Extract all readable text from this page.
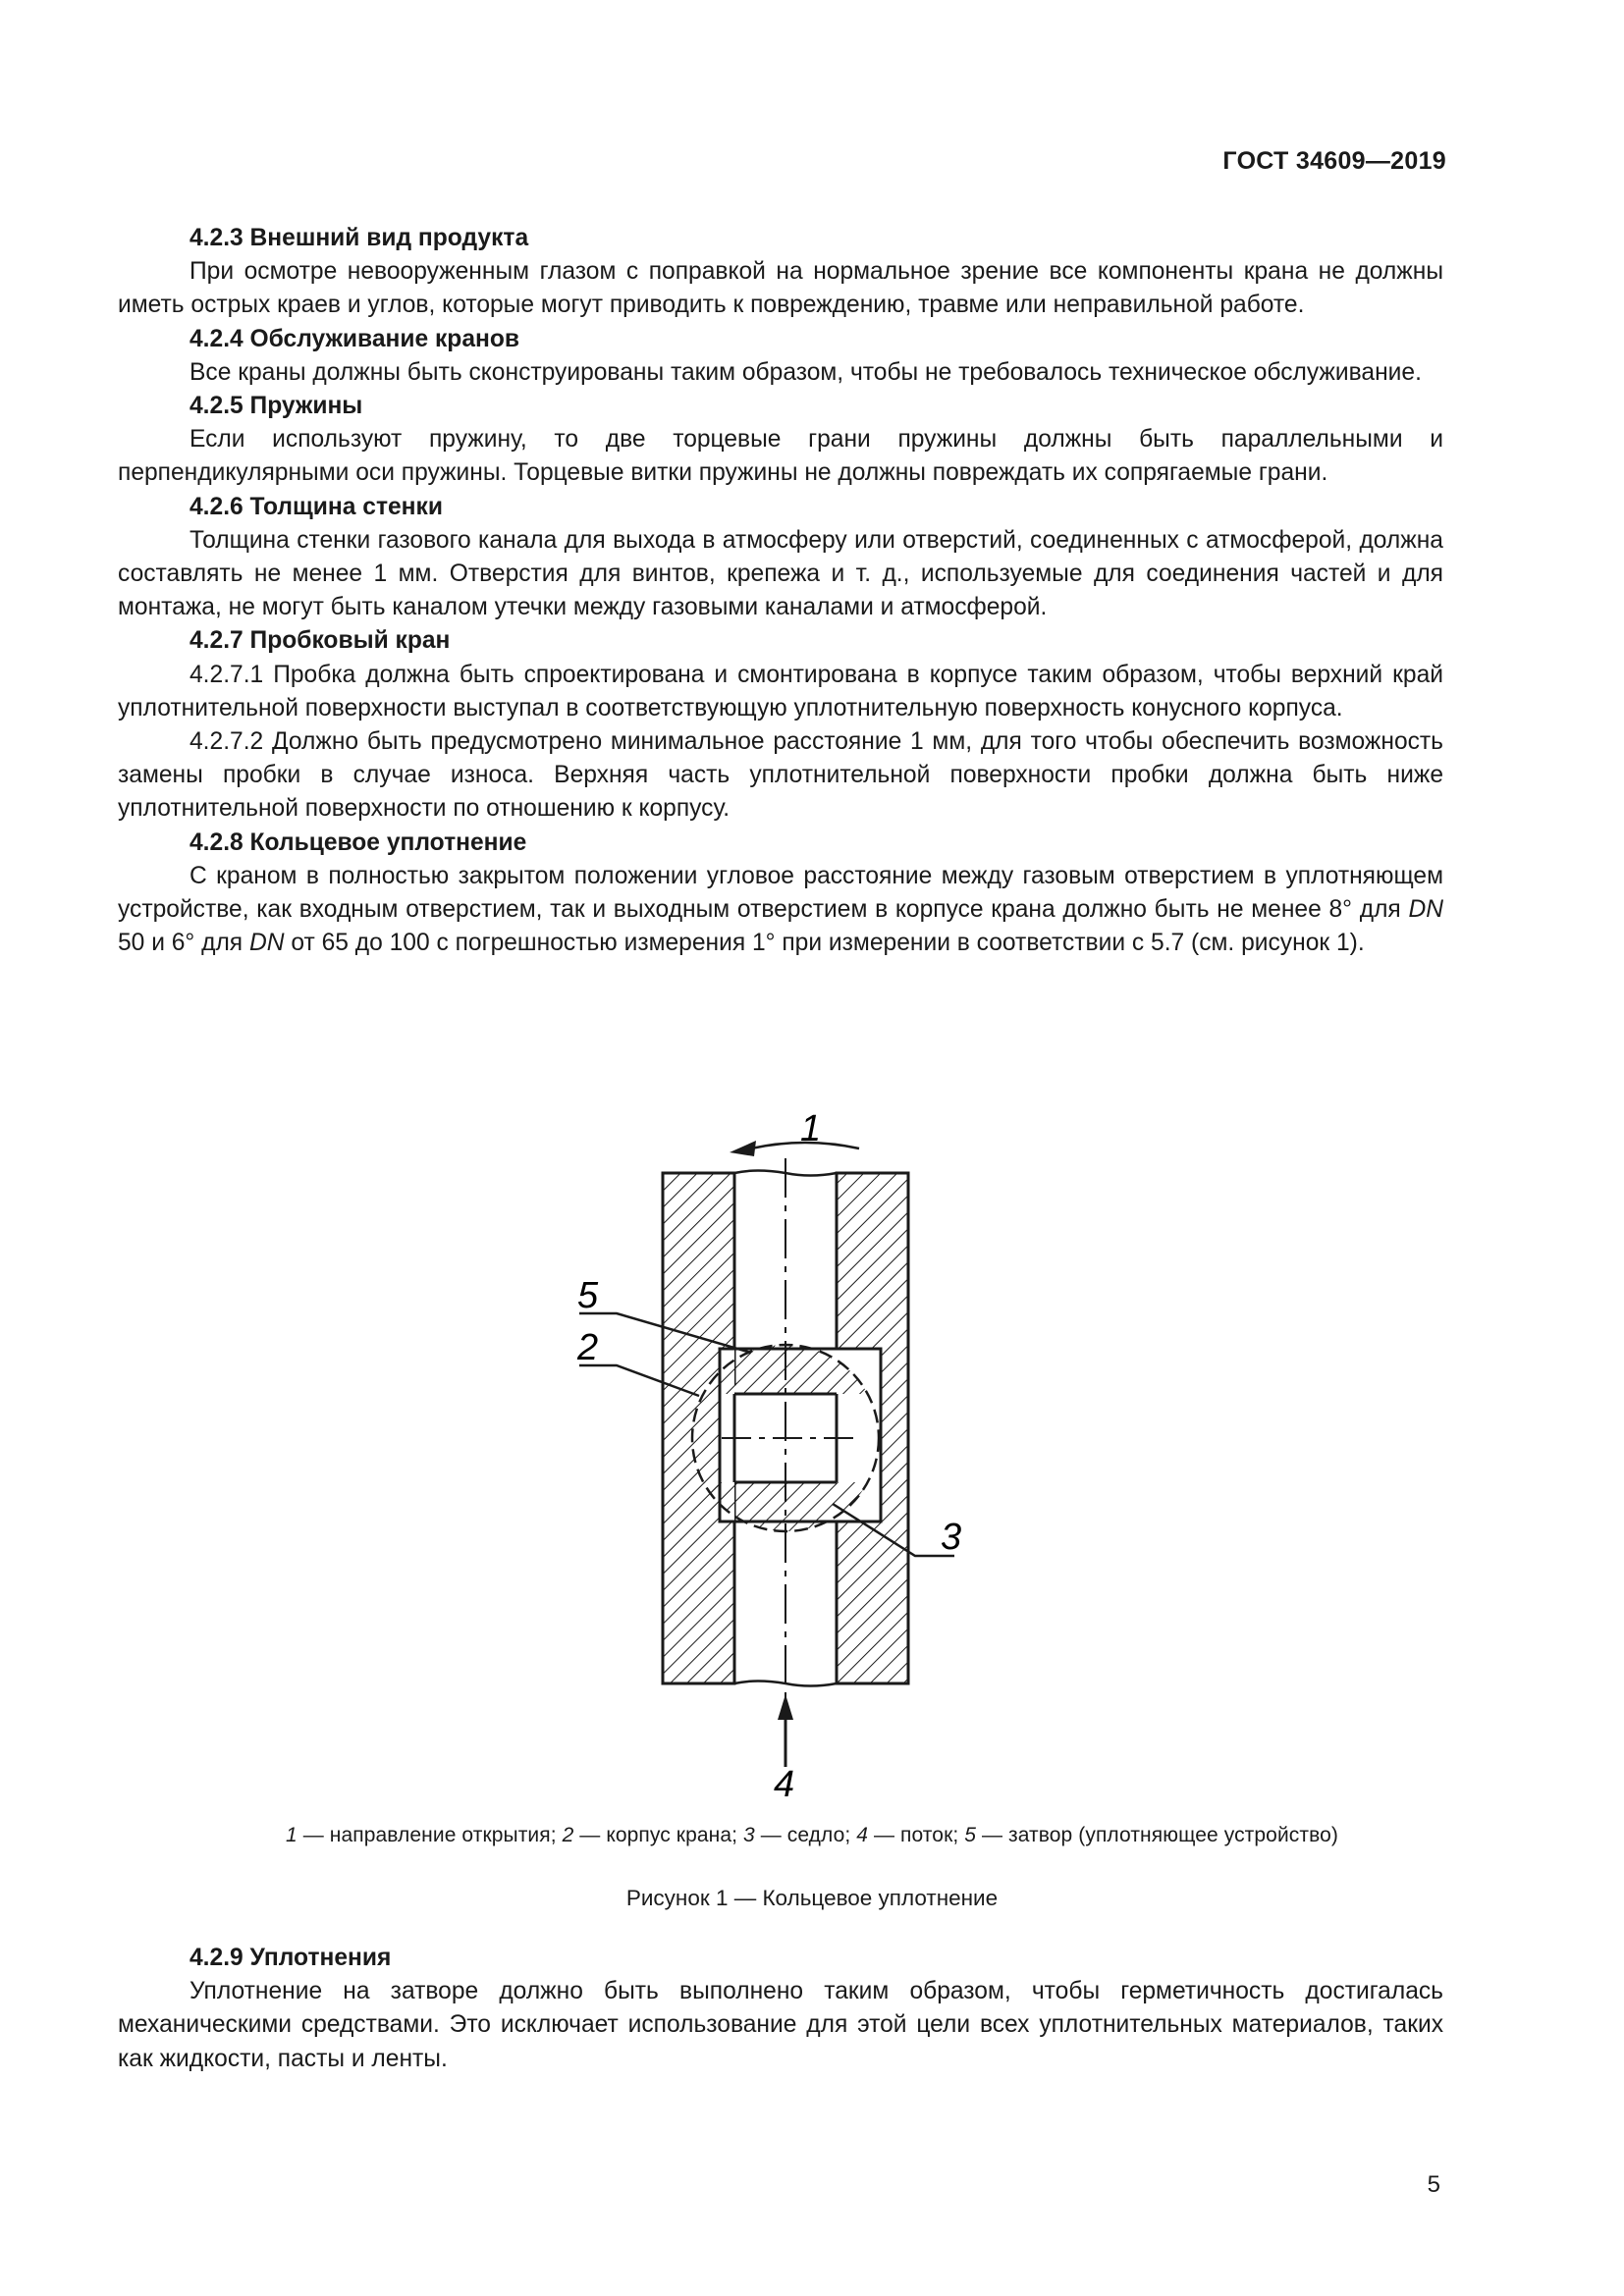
ГОСТ 34609—2019

4.2.3 Внешний вид продукта

При осмотре невооруженным глазом с поправкой на нормальное зрение все компоненты крана не должны иметь острых краев и углов, которые могут приводить к повреждению, травме или неправильной работе.

4.2.4 Обслуживание кранов

Все краны должны быть сконструированы таким образом, чтобы не требовалось техническое обслуживание.

4.2.5 Пружины

Если используют пружину, то две торцевые грани пружины должны быть параллельными и перпендикулярными оси пружины. Торцевые витки пружины не должны повреждать их сопрягаемые грани.

4.2.6 Толщина стенки

Толщина стенки газового канала для выхода в атмосферу или отверстий, соединенных с атмосферой, должна составлять не менее 1 мм. Отверстия для винтов, крепежа и т. д., используемые для соединения частей и для монтажа, не могут быть каналом утечки между газовыми каналами и атмосферой.

4.2.7 Пробковый кран

4.2.7.1 Пробка должна быть спроектирована и смонтирована в корпусе таким образом, чтобы верхний край уплотнительной поверхности выступал в соответствующую уплотнительную поверхность конусного корпуса.

4.2.7.2 Должно быть предусмотрено минимальное расстояние 1 мм, для того чтобы обеспечить возможность замены пробки в случае износа. Верхняя часть уплотнительной поверхности пробки должна быть ниже уплотнительной поверхности по отношению к корпусу.

4.2.8 Кольцевое уплотнение

С краном в полностью закрытом положении угловое расстояние между газовым отверстием в уплотняющем устройстве, как входным отверстием, так и выходным отверстием в корпусе крана должно быть не менее 8° для DN 50 и 6° для DN от 65 до 100 с погрешностью измерения 1° при измерении в соответствии с 5.7 (см. рисунок 1).

1
5
2
3
4
1 — направление открытия; 2 — корпус крана; 3 — седло; 4 — поток; 5 — затвор (уплотняющее устройство)
Рисунок 1 — Кольцевое уплотнение

4.2.9 Уплотнения

Уплотнение на затворе должно быть выполнено таким образом, чтобы герметичность достигалась механическими средствами. Это исключает использование для этой цели всех уплотнительных материалов, таких как жидкости, пасты и ленты.

5
